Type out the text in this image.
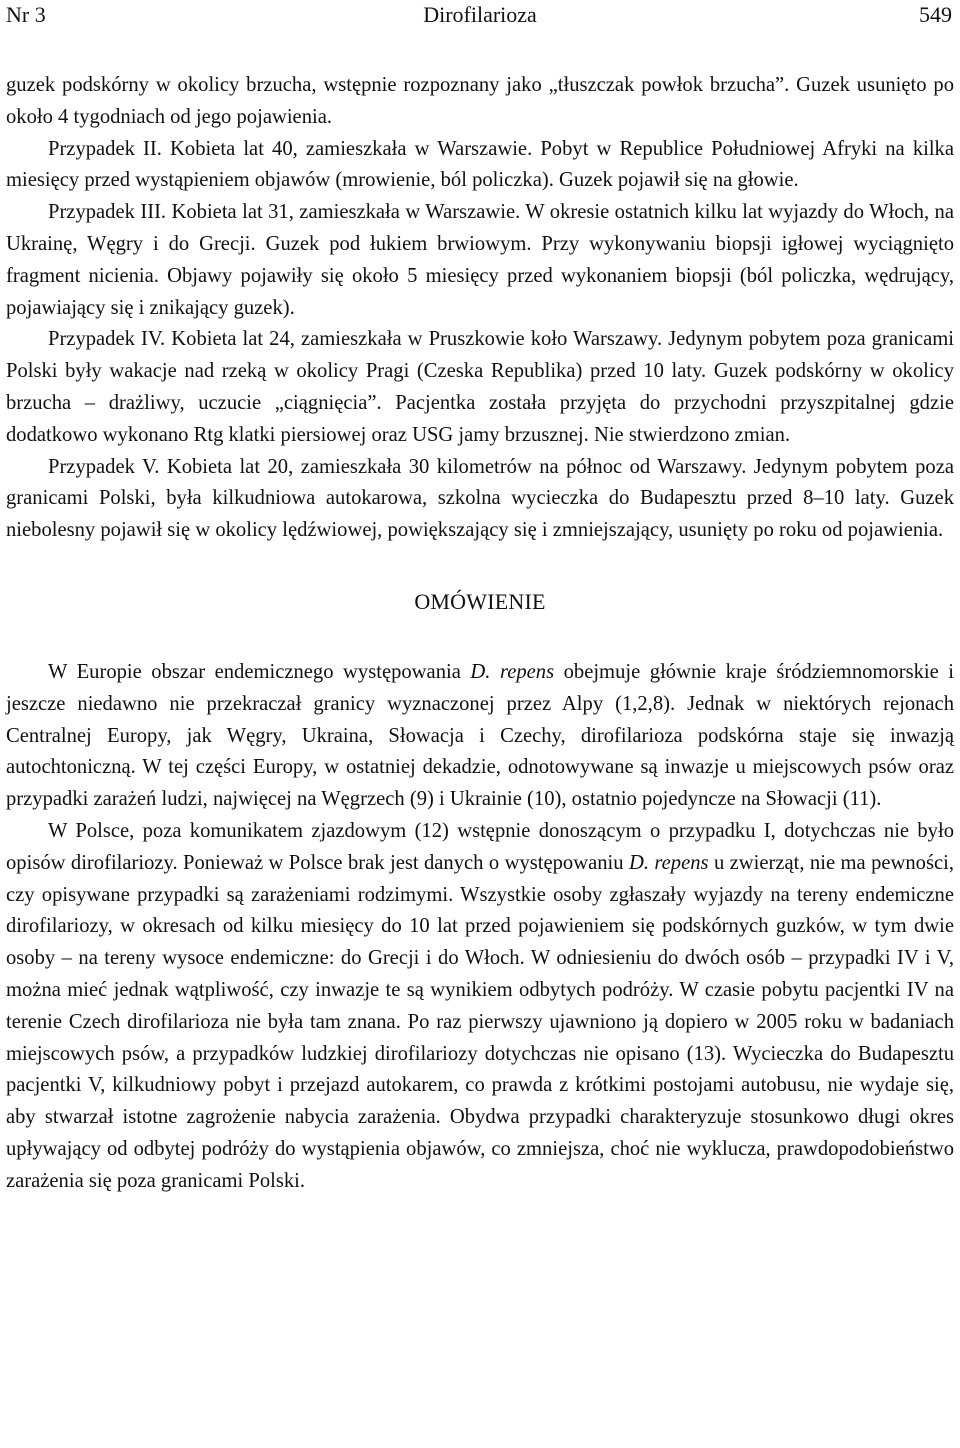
Nr 3	Dirofilarioza	549

guzek podskórny w okolicy brzucha, wstępnie rozpoznany jako „tłuszczak powłok brzucha”. Guzek usunięto po około 4 tygodniach od jego pojawienia.

Przypadek II. Kobieta lat 40, zamieszkała w Warszawie. Pobyt w Republice Południowej Afryki na kilka miesięcy przed wystąpieniem objawów (mrowienie, ból policzka). Guzek pojawił się na głowie.

Przypadek III. Kobieta lat 31, zamieszkała w Warszawie. W okresie ostatnich kilku lat wyjazdy do Włoch, na Ukrainę, Węgry i do Grecji. Guzek pod łukiem brwiowym. Przy wykonywaniu biopsji igłowej wyciągnięto fragment nicienia. Objawy pojawiły się około 5 miesięcy przed wykonaniem biopsji (ból policzka, wędrujący, pojawiający się i znikający guzek).

Przypadek IV. Kobieta lat 24, zamieszkała w Pruszkowie koło Warszawy. Jedynym pobytem poza granicami Polski były wakacje nad rzeką w okolicy Pragi (Czeska Republika) przed 10 laty. Guzek podskórny w okolicy brzucha – drażliwy, uczucie „ciągnięcia”. Pacjentka została przyjęta do przychodni przyszpitalnej gdzie dodatkowo wykonano Rtg klatki piersiowej oraz USG jamy brzusznej. Nie stwierdzono zmian.

Przypadek V. Kobieta lat 20, zamieszkała 30 kilometrów na północ od Warszawy. Jedynym pobytem poza granicami Polski, była kilkudniowa autokarowa, szkolna wycieczka do Budapesztu przed 8–10 laty. Guzek niebolesny pojawił się w okolicy lędźwiowej, powiększający się i zmniejszający, usunięty po roku od pojawienia.

OMÓWIENIE

W Europie obszar endemicznego występowania D. repens obejmuje głównie kraje śródziemnomorskie i jeszcze niedawno nie przekraczał granicy wyznaczonej przez Alpy (1,2,8). Jednak w niektórych rejonach Centralnej Europy, jak Węgry, Ukraina, Słowacja i Czechy, dirofilarioza podskórna staje się inwazją autochtoniczną. W tej części Europy, w ostatniej dekadzie, odnotowywane są inwazje u miejscowych psów oraz przypadki zarażeń ludzi, najwięcej na Węgrzech (9) i Ukrainie (10), ostatnio pojedyncze na Słowacji (11).

W Polsce, poza komunikatem zjazdowym (12) wstępnie donoszącym o przypadku I, dotychczas nie było opisów dirofilariozy. Ponieważ w Polsce brak jest danych o występowaniu D. repens u zwierząt, nie ma pewności, czy opisywane przypadki są zarażeniami rodzimymi. Wszystkie osoby zgłaszały wyjazdy na tereny endemiczne dirofilariozy, w okresach od kilku miesięcy do 10 lat przed pojawieniem się podskórnych guzków, w tym dwie osoby – na tereny wysoce endemiczne: do Grecji i do Włoch. W odniesieniu do dwóch osób – przypadki IV i V, można mieć jednak wątpliwość, czy inwazje te są wynikiem odbytych podróży. W czasie pobytu pacjentki IV na terenie Czech dirofilarioza nie była tam znana. Po raz pierwszy ujawniono ją dopiero w 2005 roku w badaniach miejscowych psów, a przypadków ludzkiej dirofilariozy dotychczas nie opisano (13). Wycieczka do Budapesztu pacjentki V, kilkudniowy pobyt i przejazd autokarem, co prawda z krótkimi postojami autobusu, nie wydaje się, aby stwarzał istotne zagrożenie nabycia zarażenia. Obydwa przypadki charakteryzuje stosunkowo długi okres upływający od odbytej podróży do wystąpienia objawów, co zmniejsza, choć nie wyklucza, prawdopodobieństwo zarażenia się poza granicami Polski.
